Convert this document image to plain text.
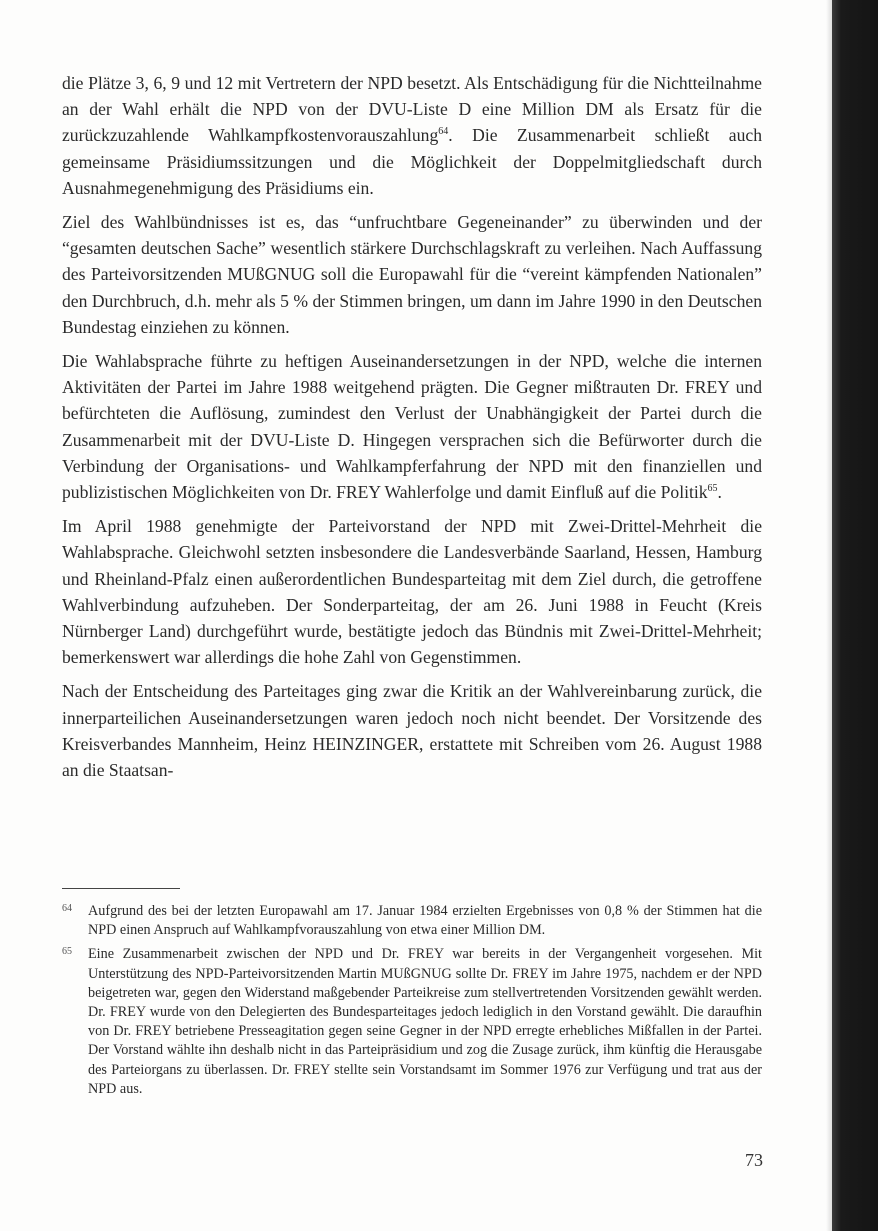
die Plätze 3, 6, 9 und 12 mit Vertretern der NPD besetzt. Als Entschädigung für die Nichtteilnahme an der Wahl erhält die NPD von der DVU-Liste D eine Million DM als Ersatz für die zurückzuzahlende Wahlkampfkostenvorauszahlung$^{64}$. Die Zusammenarbeit schließt auch gemeinsame Präsidiumssitzungen und die Möglichkeit der Doppelmitgliedschaft durch Ausnahmegenehmigung des Präsidiums ein.

Ziel des Wahlbündnisses ist es, das “unfruchtbare Gegeneinander” zu überwinden und der “gesamten deutschen Sache” wesentlich stärkere Durchschlagskraft zu verleihen. Nach Auffassung des Parteivorsitzenden MUßGNUG soll die Europawahl für die “vereint kämpfenden Nationalen” den Durchbruch, d.h. mehr als 5 % der Stimmen bringen, um dann im Jahre 1990 in den Deutschen Bundestag einziehen zu können.

Die Wahlabsprache führte zu heftigen Auseinandersetzungen in der NPD, welche die internen Aktivitäten der Partei im Jahre 1988 weitgehend prägten. Die Gegner mißtrauten Dr. FREY und befürchteten die Auflösung, zumindest den Verlust der Unabhängigkeit der Partei durch die Zusammenarbeit mit der DVU-Liste D. Hingegen versprachen sich die Befürworter durch die Verbindung der Organisations- und Wahlkampferfahrung der NPD mit den finanziellen und publizistischen Möglichkeiten von Dr. FREY Wahlerfolge und damit Einfluß auf die Politik$^{65}$.

Im April 1988 genehmigte der Parteivorstand der NPD mit Zwei-Drittel-Mehrheit die Wahlabsprache. Gleichwohl setzten insbesondere die Landesverbände Saarland, Hessen, Hamburg und Rheinland-Pfalz einen außerordentlichen Bundesparteitag mit dem Ziel durch, die getroffene Wahlverbindung aufzuheben. Der Sonderparteitag, der am 26. Juni 1988 in Feucht (Kreis Nürnberger Land) durchgeführt wurde, bestätigte jedoch das Bündnis mit Zwei-Drittel-Mehrheit; bemerkenswert war allerdings die hohe Zahl von Gegenstimmen.

Nach der Entscheidung des Parteitages ging zwar die Kritik an der Wahlvereinbarung zurück, die innerparteilichen Auseinandersetzungen waren jedoch noch nicht beendet. Der Vorsitzende des Kreisverbandes Mannheim, Heinz HEINZINGER, erstattete mit Schreiben vom 26. August 1988 an die Staatsan-

64 Aufgrund des bei der letzten Europawahl am 17. Januar 1984 erzielten Ergebnisses von 0,8 % der Stimmen hat die NPD einen Anspruch auf Wahlkampfvorauszahlung von etwa einer Million DM.
65 Eine Zusammenarbeit zwischen der NPD und Dr. FREY war bereits in der Vergangenheit vorgesehen. Mit Unterstützung des NPD-Parteivorsitzenden Martin MUßGNUG sollte Dr. FREY im Jahre 1975, nachdem er der NPD beigetreten war, gegen den Widerstand maßgebender Parteikreise zum stellvertretenden Vorsitzenden gewählt werden. Dr. FREY wurde von den Delegierten des Bundesparteitages jedoch lediglich in den Vorstand gewählt. Die daraufhin von Dr. FREY betriebene Presseagitation gegen seine Gegner in der NPD erregte erhebliches Mißfallen in der Partei. Der Vorstand wählte ihn deshalb nicht in das Parteipräsidium und zog die Zusage zurück, ihm künftig die Herausgabe des Parteiorgans zu überlassen. Dr. FREY stellte sein Vorstandsamt im Sommer 1976 zur Verfügung und trat aus der NPD aus.
73
